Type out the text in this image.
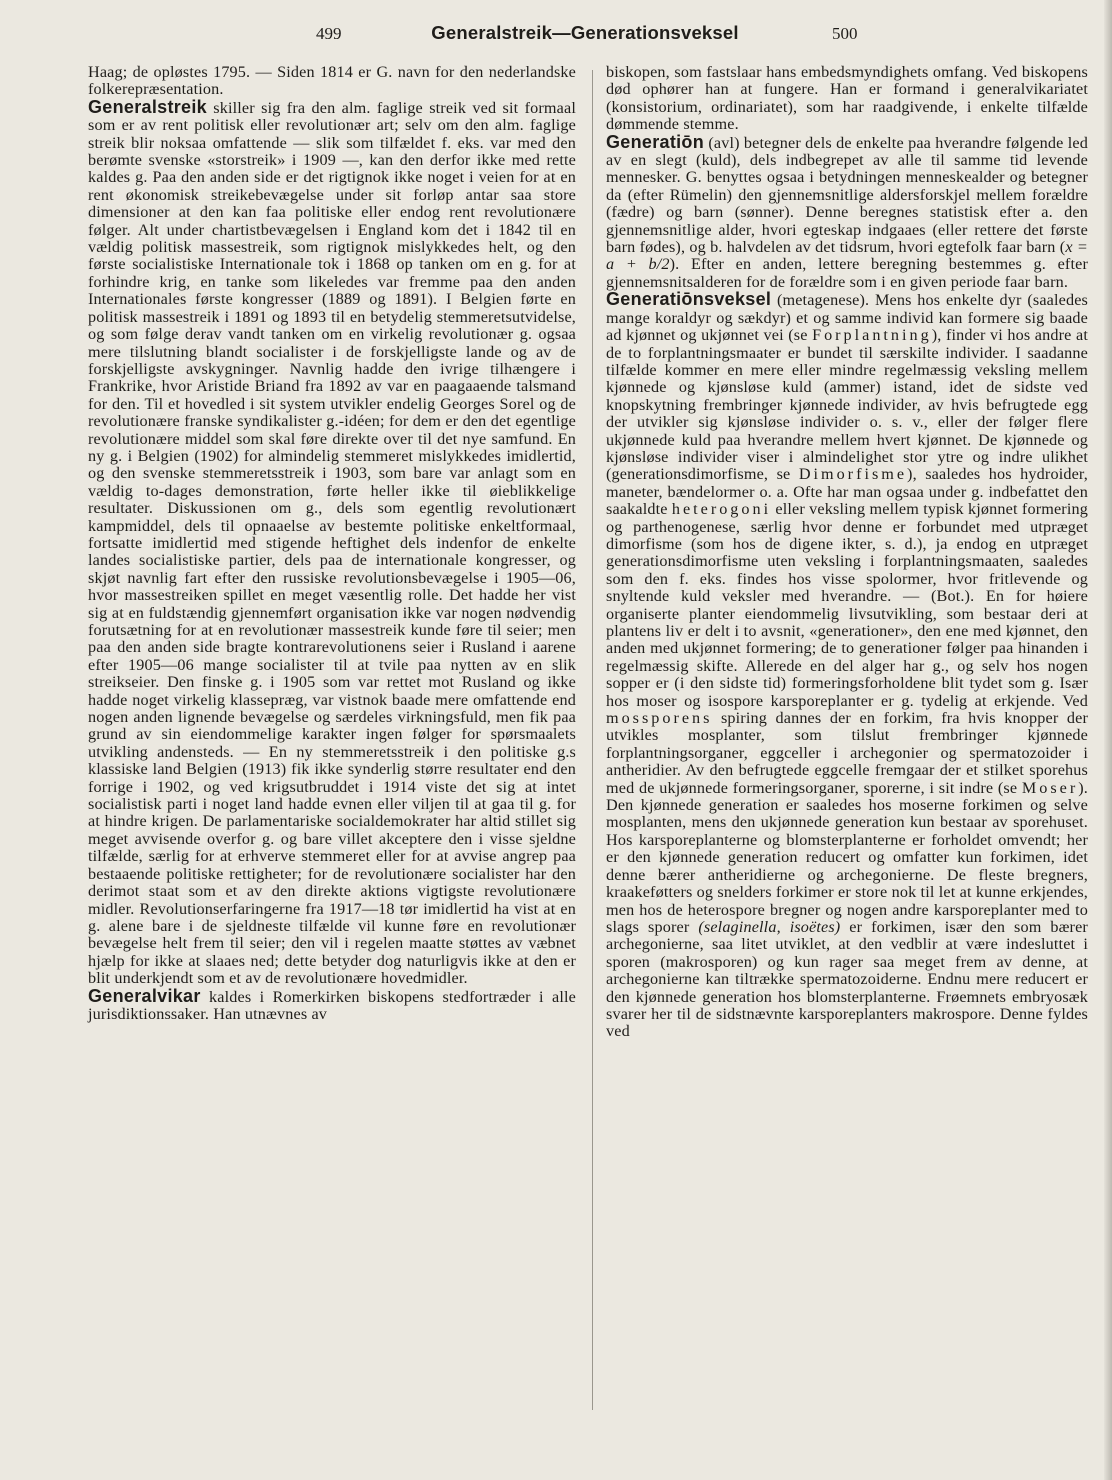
499	Generalstreik—Generationsveksel	500

Haag; de opløstes 1795. — Siden 1814 er G. navn for den nederlandske folkerepræsentation.

Generalstreik skiller sig fra den alm. faglige streik ved sit formaal som er av rent politisk eller revolutionær art; selv om den alm. faglige streik blir noksaa omfattende — slik som tilfældet f. eks. var med den berømte svenske «storstreik» i 1909 —, kan den derfor ikke med rette kaldes g. Paa den anden side er det rigtignok ikke noget i veien for at en rent økonomisk streikebevægelse under sit forløp antar saa store dimensioner at den kan faa politiske eller endog rent revolutionære følger. Alt under chartistbevægelsen i England kom det i 1842 til en vældig politisk massestreik, som rigtignok mislykkedes helt, og den første socialistiske Internationale tok i 1868 op tanken om en g. for at forhindre krig, en tanke som likeledes var fremme paa den anden Internationales første kongresser (1889 og 1891). I Belgien førte en politisk massestreik i 1891 og 1893 til en betydelig stemmeretsutvidelse, og som følge derav vandt tanken om en virkelig revolutionær g. ogsaa mere tilslutning blandt socialister i de forskjelligste lande og av de forskjelligste avskygninger. Navnlig hadde den ivrige tilhængere i Frankrike, hvor Aristide Briand fra 1892 av var en paagaaende talsmand for den. Til et hovedled i sit system utvikler endelig Georges Sorel og de revolutionære franske syndikalister g.-idéen; for dem er den det egentlige revolutionære middel som skal føre direkte over til det nye samfund. En ny g. i Belgien (1902) for almindelig stemmeret mislykkedes imidlertid, og den svenske stemmeretsstreik i 1903, som bare var anlagt som en vældig to-dages demonstration, førte heller ikke til øieblikkelige resultater. Diskussionen om g., dels som egentlig revolutionært kampmiddel, dels til opnaaelse av bestemte politiske enkeltformaal, fortsatte imidlertid med stigende heftighet dels indenfor de enkelte landes socialistiske partier, dels paa de internationale kongresser, og skjøt navnlig fart efter den russiske revolutionsbevægelse i 1905—06, hvor massestreiken spillet en meget væsentlig rolle. Det hadde her vist sig at en fuldstændig gjennemført organisation ikke var nogen nødvendig forutsætning for at en revolutionær massestreik kunde føre til seier; men paa den anden side bragte kontrarevolutionens seier i Rusland i aarene efter 1905—06 mange socialister til at tvile paa nytten av en slik streikseier. Den finske g. i 1905 som var rettet mot Rusland og ikke hadde noget virkelig klassepræg, var vistnok baade mere omfattende end nogen anden lignende bevægelse og særdeles virkningsfuld, men fik paa grund av sin eiendommelige karakter ingen følger for spørsmaalets utvikling andensteds. — En ny stemmeretsstreik i den politiske g.s klassiske land Belgien (1913) fik ikke synderlig større resultater end den forrige i 1902, og ved krigsutbruddet i 1914 viste det sig at intet socialistisk parti i noget land hadde evnen eller viljen til at gaa til g. for at hindre krigen. De parlamentariske socialdemokrater har altid stillet sig meget avvisende overfor g. og bare villet akceptere den i visse sjeldne tilfælde, særlig for at erhverve stemmeret eller for at avvise angrep paa bestaaende politiske rettigheter; for de revolutionære socialister har den derimot staat som et av den direkte aktions vigtigste revolutionære midler. Revolutionserfaringerne fra 1917—18 tør imidlertid ha vist at en g. alene bare i de sjeldneste tilfælde vil kunne føre en revolutionær bevægelse helt frem til seier; den vil i regelen maatte støttes av væbnet hjælp for ikke at slaaes ned; dette betyder dog naturligvis ikke at den er blit underkjendt som et av de revolutionære hovedmidler.

Generalvikar kaldes i Romerkirken biskopens stedfortræder i alle jurisdiktionssaker. Han utnævnes av

biskopen, som fastslaar hans embedsmyndighets omfang. Ved biskopens død ophører han at fungere. Han er formand i generalvikariatet (konsistorium, ordinariatet), som har raadgivende, i enkelte tilfælde dømmende stemme.

Generatiōn (avl) betegner dels de enkelte paa hverandre følgende led av en slegt (kuld), dels indbegrepet av alle til samme tid levende mennesker. G. benyttes ogsaa i betydningen menneskealder og betegner da (efter Rümelin) den gjennemsnitlige aldersforskjel mellem forældre (fædre) og barn (sønner). Denne beregnes statistisk efter a. den gjennemsnitlige alder, hvori egteskap indgaaes (eller rettere det første barn fødes), og b. halvdelen av det tidsrum, hvori egtefolk faar barn (x = a + b/2). Efter en anden, lettere beregning bestemmes g. efter gjennemsnitsalderen for de forældre som i en given periode faar barn.

Generatiōnsveksel (metagenese). Mens hos enkelte dyr (saaledes mange koraldyr og sækdyr) et og samme individ kan formere sig baade ad kjønnet og ukjønnet vei (se Forplantning), finder vi hos andre at de to forplantningsmaater er bundet til særskilte individer. I saadanne tilfælde kommer en mere eller mindre regelmæssig veksling mellem kjønnede og kjønsløse kuld (ammer) istand, idet de sidste ved knopskytning frembringer kjønnede individer, av hvis befrugtede egg der utvikler sig kjønsløse individer o. s. v., eller der følger flere ukjønnede kuld paa hverandre mellem hvert kjønnet. De kjønnede og kjønsløse individer viser i almindelighet stor ytre og indre ulikhet (generationsdimorfisme, se Dimorfisme), saaledes hos hydroider, maneter, bændelormer o. a. Ofte har man ogsaa under g. indbefattet den saakaldte heterogoni eller veksling mellem typisk kjønnet formering og parthenogenese, særlig hvor denne er forbundet med utpræget dimorfisme (som hos de digene ikter, s. d.), ja endog en utpræget generationsdimorfisme uten veksling i forplantningsmaaten, saaledes som den f. eks. findes hos visse spolormer, hvor fritlevende og snyltende kuld veksler med hverandre. — (Bot.). En for høiere organiserte planter eiendommelig livsutvikling, som bestaar deri at plantens liv er delt i to avsnit, «generationer», den ene med kjønnet, den anden med ukjønnet formering; de to generationer følger paa hinanden i regelmæssig skifte. Allerede en del alger har g., og selv hos nogen sopper er (i den sidste tid) formeringsforholdene blit tydet som g. Især hos moser og isospore karsporeplanter er g. tydelig at erkjende. Ved mossporens spiring dannes der en forkim, fra hvis knopper der utvikles mosplanter, som tilslut frembringer kjønnede forplantningsorganer, eggceller i archegonier og spermatozoider i antheridier. Av den befrugtede eggcelle fremgaar der et stilket sporehus med de ukjønnede formeringsorganer, sporerne, i sit indre (se Moser). Den kjønnede generation er saaledes hos moserne forkimen og selve mosplanten, mens den ukjønnede generation kun bestaar av sporehuset. Hos karsporeplanterne og blomsterplanterne er forholdet omvendt; her er den kjønnede generation reducert og omfatter kun forkimen, idet denne bærer antheridierne og archegonierne. De fleste bregners, kraakeføtters og snelders forkimer er store nok til let at kunne erkjendes, men hos de heterospore bregner og nogen andre karsporeplanter med to slags sporer (selaginella, isoëtes) er forkimen, især den som bærer archegonierne, saa litet utviklet, at den vedblir at være indesluttet i sporen (makrosporen) og kun rager saa meget frem av denne, at archegonierne kan tiltrække spermatozoiderne. Endnu mere reducert er den kjønnede generation hos blomsterplanterne. Frøemnets embryosæk svarer her til de sidstnævnte karsporeplanters makrospore. Denne fyldes ved
